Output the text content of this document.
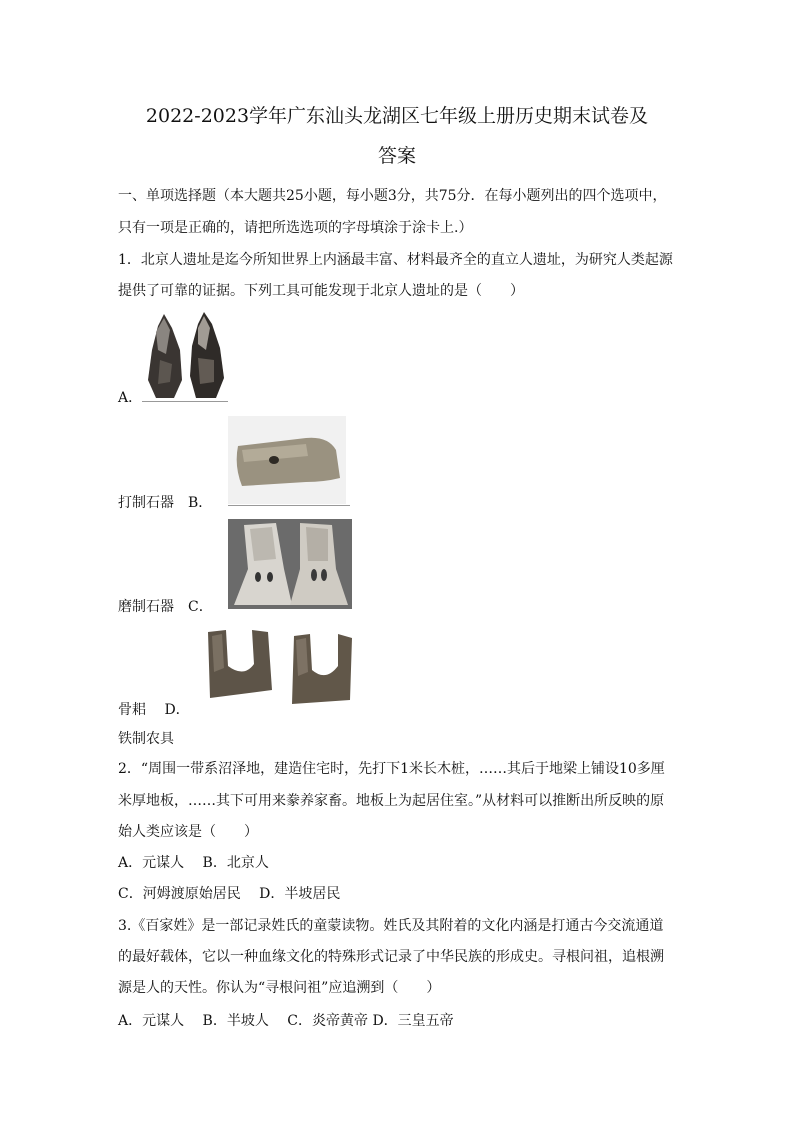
2022-2023学年广东汕头龙湖区七年级上册历史期末试卷及
答案
一、单项选择题（本大题共25小题，每小题3分，共75分．在每小题列出的四个选项中，
只有一项是正确的，请把所选选项的字母填涂于涂卡上.）
1．北京人遗址是迄今所知世界上内涵最丰富、材料最齐全的直立人遗址，为研究人类起源
提供了可靠的证据。下列工具可能发现于北京人遗址的是（　　）
A．
打制石器　B．
磨制石器　C．
骨耜　 D．
铁制农具
2．“周围一带系沼泽地，建造住宅时，先打下1米长木桩，……其后于地梁上铺设10多厘
米厚地板，……其下可用来豢养家畜。地板上为起居住室。”从材料可以推断出所反映的原
始人类应该是（　　）
A．元谋人　 B．北京人
C．河姆渡原始居民　 D．半坡居民
3.《百家姓》是一部记录姓氏的童蒙读物。姓氏及其附着的文化内涵是打通古今交流通道
的最好载体，它以一种血缘文化的特殊形式记录了中华民族的形成史。寻根问祖，追根溯
源是人的天性。你认为“寻根问祖”应追溯到（　　）
A．元谋人　 B．半坡人　 C．炎帝黄帝 D．三皇五帝
